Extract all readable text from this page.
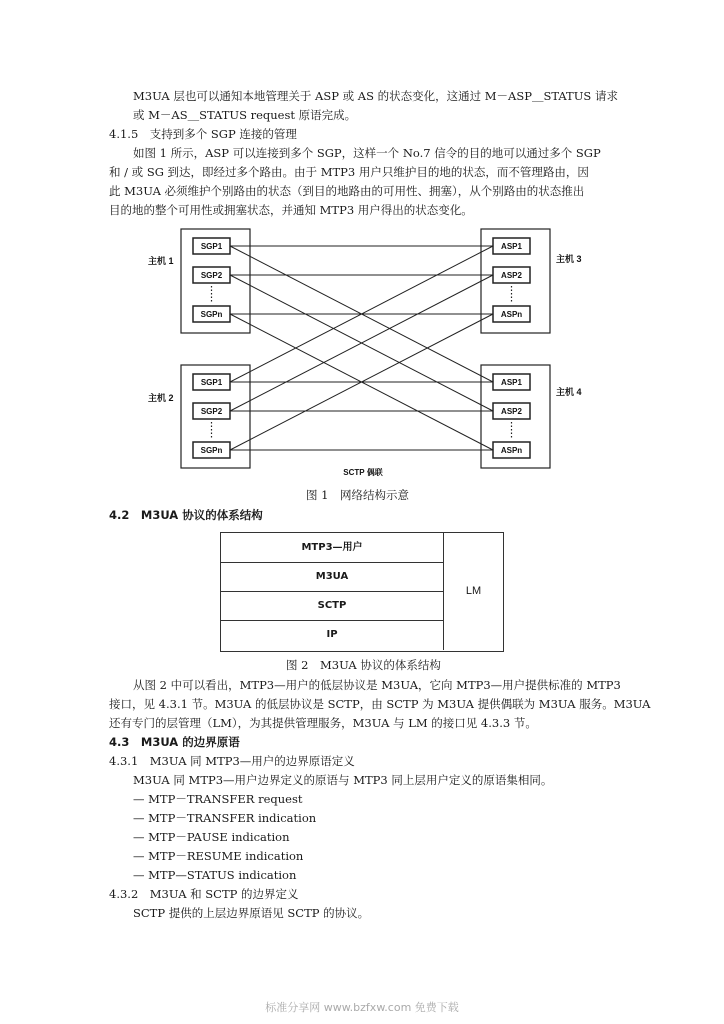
M3UA 层也可以通知本地管理关于 ASP 或 AS 的状态变化，这通过 M－ASP＿STATUS 请求
或 M－AS＿STATUS request 原语完成。
4.1.5　支持到多个 SGP 连接的管理
如图 1 所示，ASP 可以连接到多个 SGP，这样一个 No.7 信令的目的地可以通过多个 SGP
和 / 或 SG 到达，即经过多个路由。由于 MTP3 用户只维护目的地的状态，而不管理路由，因
此 M3UA 必须维护个别路由的状态（到目的地路由的可用性、拥塞），从个别路由的状态推出
目的地的整个可用性或拥塞状态，并通知 MTP3 用户得出的状态变化。
SGP1
SGP2
SGPn
SGP1
SGP2
SGPn
ASP1
ASP2
ASPn
ASP1
ASP2
ASPn
主机 1
主机 2
主机 3
主机 4
SCTP 偶联
图 1　网络结构示意
4.2　M3UA 协议的体系结构
MTP3—用户
M3UA
SCTP
IP
LM
图 2　M3UA 协议的体系结构
从图 2 中可以看出，MTP3—用户的低层协议是 M3UA，它向 MTP3—用户提供标准的 MTP3
接口，见 4.3.1 节。M3UA 的低层协议是 SCTP，由 SCTP 为 M3UA 提供偶联为 M3UA 服务。M3UA
还有专门的层管理（LM），为其提供管理服务，M3UA 与 LM 的接口见 4.3.3 节。
4.3　M3UA 的边界原语
4.3.1　M3UA 同 MTP3—用户的边界原语定义
M3UA 同 MTP3—用户边界定义的原语与 MTP3 同上层用户定义的原语集相同。
— MTP－TRANSFER request
— MTP－TRANSFER indication
— MTP－PAUSE indication
— MTP－RESUME indication
— MTP—STATUS indication
4.3.2　M3UA 和 SCTP 的边界定义
SCTP 提供的上层边界原语见 SCTP 的协议。
标准分享网 www.bzfxw.com 免费下载
